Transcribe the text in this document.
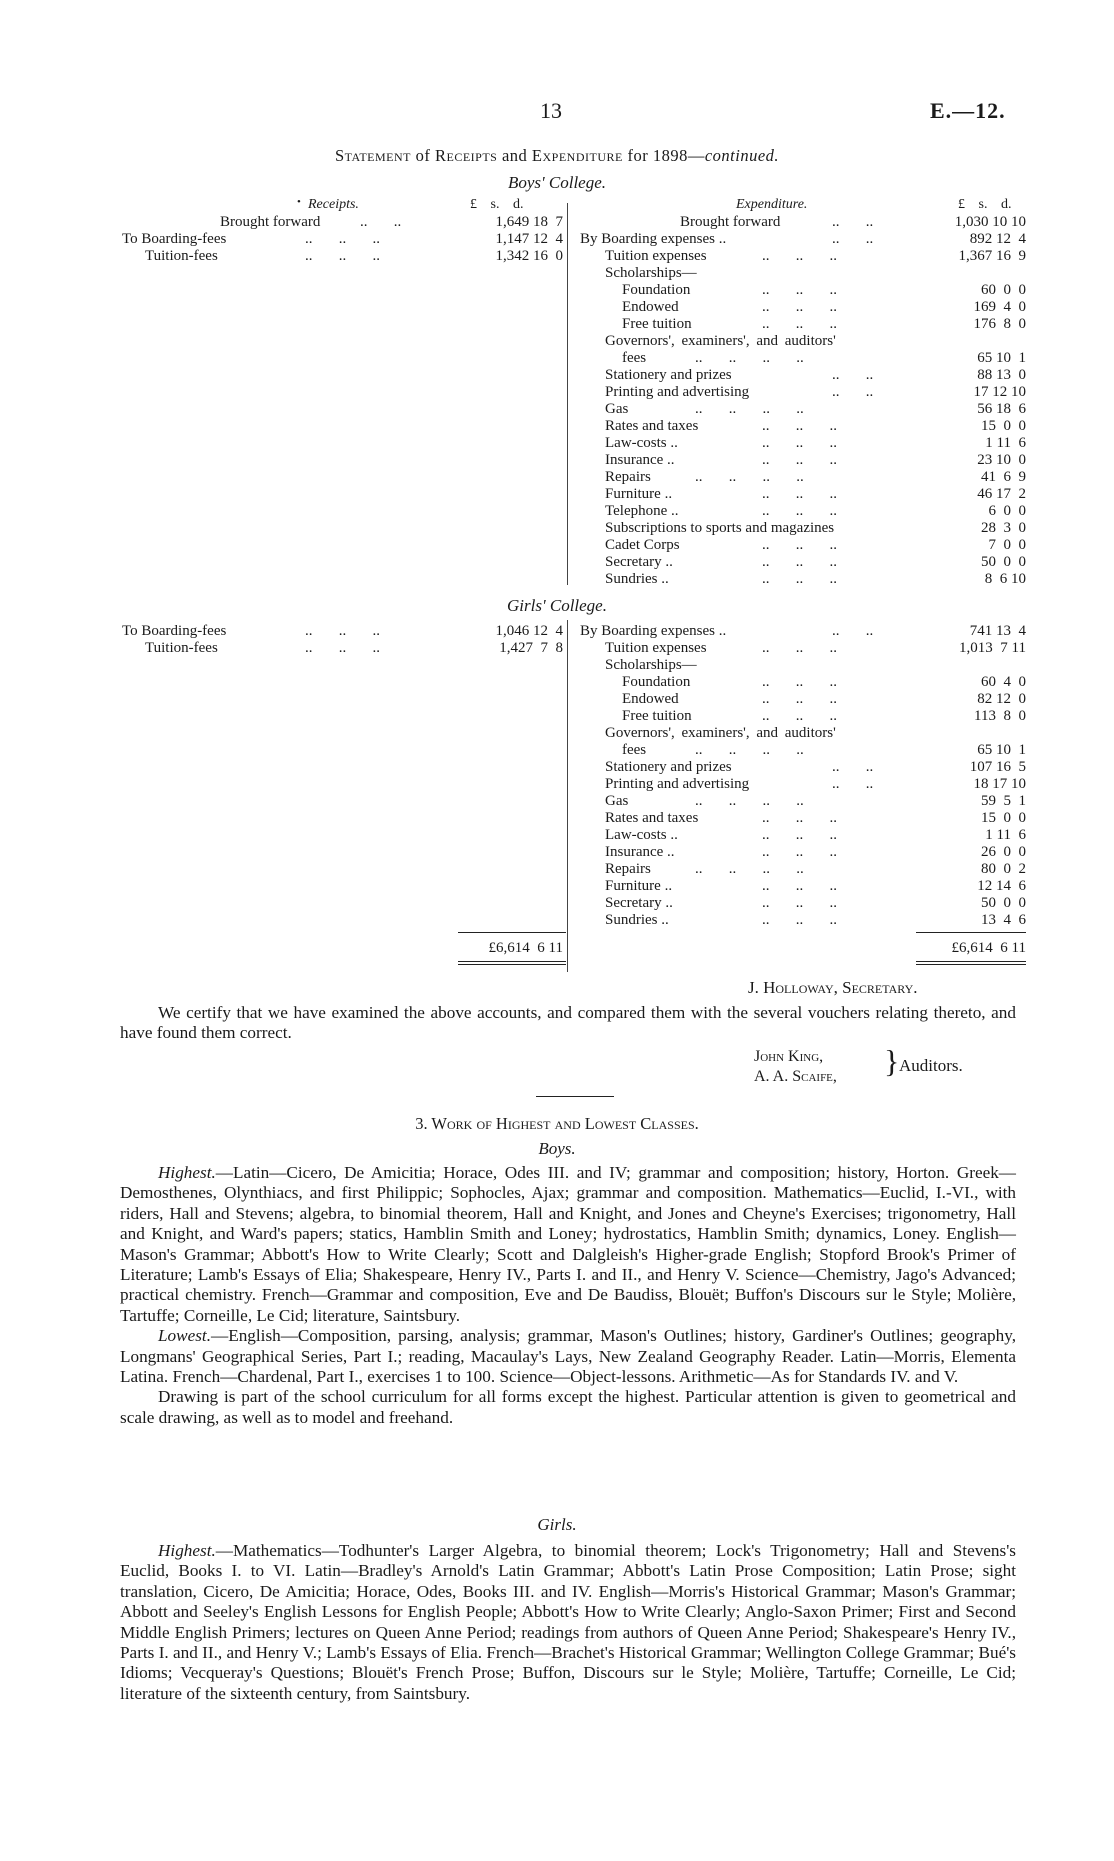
13	E.—12.
Statement of Receipts and Expenditure for 1898—continued.
Boys' College.
Receipts.
•	£ s. d.	Expenditure.	£ s. d.
Brought forward	..       ..	1,649 18  7
To Boarding-fees	..       ..       ..	1,147 12  4
Tuition-fees	..       ..       ..	1,342 16  0
Brought forward	..       ..	1,030 10 10
By Boarding expenses ..	..       ..	892 12  4
Tuition expenses	..       ..       ..	1,367 16  9
Scholarships—
Foundation	..       ..       ..	60  0  0
Endowed	..       ..       ..	169  4  0
Free tuition	..       ..       ..	176  8  0
Governors', examiners', and auditors'
fees	..       ..       ..       ..	65 10  1
Stationery and prizes	..       ..	88 13  0
Printing and advertising	..       ..	17 12 10
Gas	..       ..       ..       ..	56 18  6
Rates and taxes	..       ..       ..	15  0  0
Law-costs ..	..       ..       ..	1 11  6
Insurance ..	..       ..       ..	23 10  0
Repairs	..       ..       ..       ..	41  6  9
Furniture ..	..       ..       ..	46 17  2
Telephone ..	..       ..       ..	6  0  0
Subscriptions to sports and magazines	28  3  0
Cadet Corps	..       ..       ..	7  0  0
Secretary ..	..       ..       ..	50  0  0
Sundries ..	..       ..       ..	8  6 10
Girls' College.
To Boarding-fees	..       ..       ..	1,046 12  4
Tuition-fees	..       ..       ..	1,427  7  8
By Boarding expenses ..	..       ..	741 13  4
Tuition expenses	..       ..       ..	1,013  7 11
Scholarships—
Foundation	..       ..       ..	60  4  0
Endowed	..       ..       ..	82 12  0
Free tuition	..       ..       ..	113  8  0
Governors', examiners', and auditors'
fees	..       ..       ..       ..	65 10  1
Stationery and prizes	..       ..	107 16  5
Printing and advertising	..       ..	18 17 10
Gas	..       ..       ..       ..	59  5  1
Rates and taxes	..       ..       ..	15  0  0
Law-costs ..	..       ..       ..	1 11  6
Insurance ..	..       ..       ..	26  0  0
Repairs	..       ..       ..       ..	80  0  2
Furniture ..	..       ..       ..	12 14  6
Secretary ..	..       ..       ..	50  0  0
Sundries ..	..       ..       ..	13  4  6
£6,614  6 11	£6,614  6 11
J. Holloway, Secretary.

We certify that we have examined the above accounts, and compared them with the several vouchers relating thereto, and have found them correct.

John King,
A. A. Scaife, } Auditors.
3. Work of Highest and Lowest Classes.
Boys.

Highest.—Latin—Cicero, De Amicitia; Horace, Odes III. and IV; grammar and composition; history, Horton. Greek—Demosthenes, Olynthiacs, and first Philippic; Sophocles, Ajax; grammar and composition. Mathematics—Euclid, I.-VI., with riders, Hall and Stevens; algebra, to binomial theorem, Hall and Knight, and Jones and Cheyne's Exercises; trigonometry, Hall and Knight, and Ward's papers; statics, Hamblin Smith and Loney; hydrostatics, Hamblin Smith; dynamics, Loney. English—Mason's Grammar; Abbott's How to Write Clearly; Scott and Dalgleish's Higher-grade English; Stopford Brook's Primer of Literature; Lamb's Essays of Elia; Shakespeare, Henry IV., Parts I. and II., and Henry V. Science—Chemistry, Jago's Advanced; practical chemistry. French—Grammar and composition, Eve and De Baudiss, Blouët; Buffon's Discours sur le Style; Molière, Tartuffe; Corneille, Le Cid; literature, Saintsbury.

Lowest.—English—Composition, parsing, analysis; grammar, Mason's Outlines; history, Gardiner's Outlines; geography, Longmans' Geographical Series, Part I.; reading, Macaulay's Lays, New Zealand Geography Reader. Latin—Morris, Elementa Latina. French—Chardenal, Part I., exercises 1 to 100. Science—Object-lessons. Arithmetic—As for Standards IV. and V.

Drawing is part of the school curriculum for all forms except the highest. Particular attention is given to geometrical and scale drawing, as well as to model and freehand.

Girls.

Highest.—Mathematics—Todhunter's Larger Algebra, to binomial theorem; Lock's Trigonometry; Hall and Stevens's Euclid, Books I. to VI. Latin—Bradley's Arnold's Latin Grammar; Abbott's Latin Prose Composition; Latin Prose; sight translation, Cicero, De Amicitia; Horace, Odes, Books III. and IV. English—Morris's Historical Grammar; Mason's Grammar; Abbott and Seeley's English Lessons for English People; Abbott's How to Write Clearly; Anglo-Saxon Primer; First and Second Middle English Primers; lectures on Queen Anne Period; readings from authors of Queen Anne Period; Shakespeare's Henry IV., Parts I. and II., and Henry V.; Lamb's Essays of Elia. French—Brachet's Historical Grammar; Wellington College Grammar; Bué's Idioms; Vecqueray's Questions; Blouët's French Prose; Buffon, Discours sur le Style; Molière, Tartuffe; Corneille, Le Cid; literature of the sixteenth century, from Saintsbury.
